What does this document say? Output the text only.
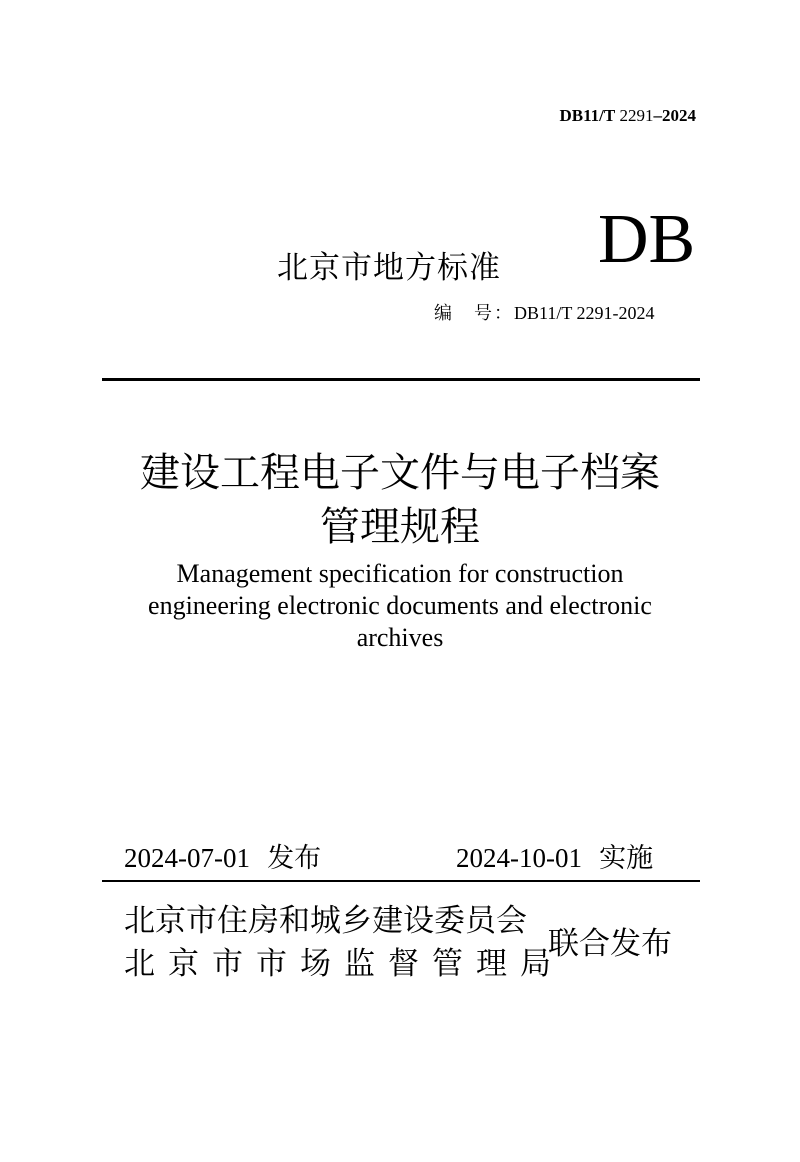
DB11/T 2291–2024
北京市地方标准 DB
编　号：DB11/T 2291-2024
建设工程电子文件与电子档案
管理规程
Management specification for construction
engineering electronic documents and electronic
archives
2024-07-01 发布	2024-10-01 实施
北京市住房和城乡建设委员会
北京市市场监督管理局
联合发布
